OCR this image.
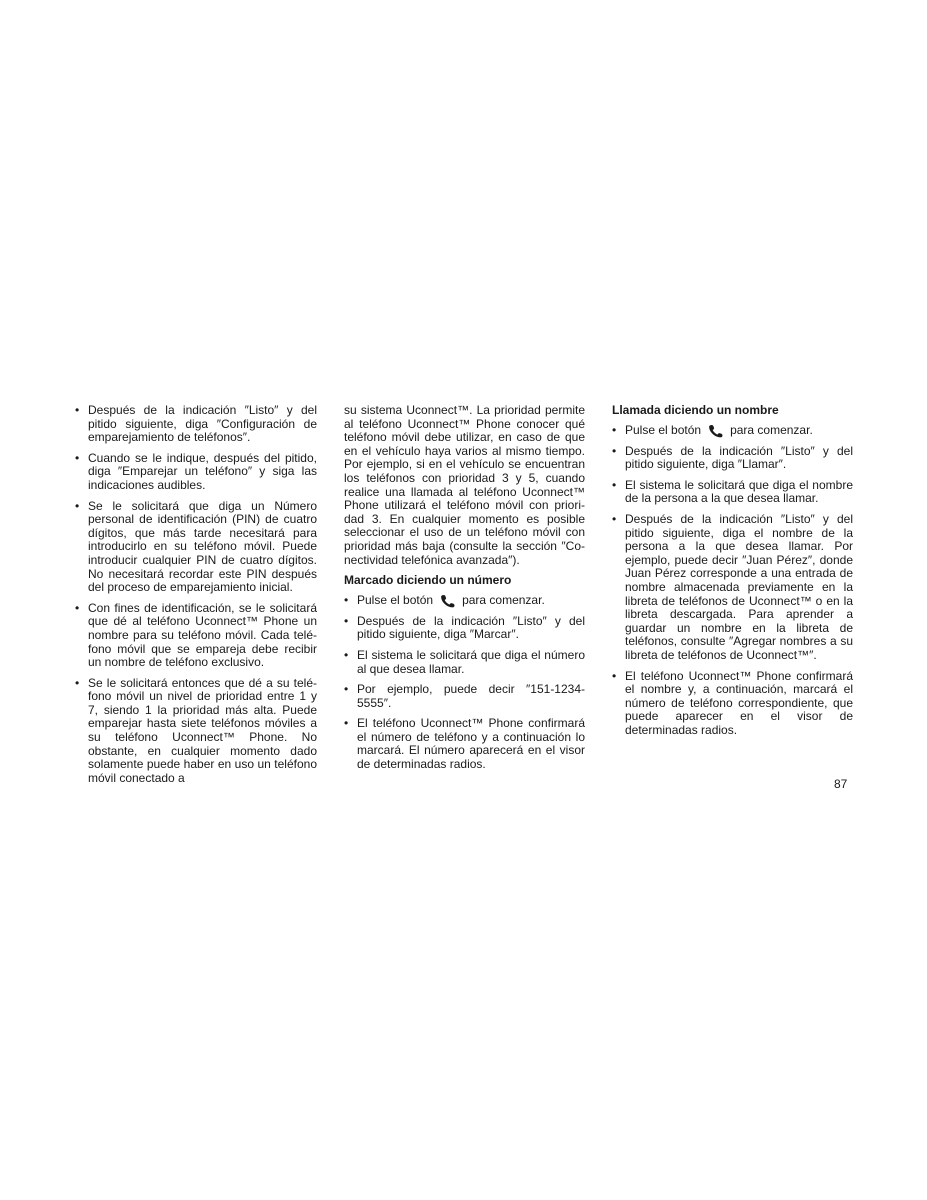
• Después de la indicación ″Listo″ y del pitido siguiente, diga ″Configuración de emparejamiento de teléfonos″.
• Cuando se le indique, después del pitido, diga ″Emparejar un teléfono″ y siga las indicaciones audibles.
• Se le solicitará que diga un Número personal de identificación (PIN) de cuatro dígitos, que más tarde necesitará para introducirlo en su teléfono móvil. Puede introducir cualquier PIN de cuatro dígitos. No necesitará recordar este PIN después del proceso de emparejamiento inicial.
• Con fines de identificación, se le solicitará que dé al teléfono Uconnect™ Phone un nombre para su teléfono móvil. Cada teléfono móvil que se empareja debe recibir un nombre de teléfono exclusivo.
• Se le solicitará entonces que dé a su teléfono móvil un nivel de prioridad entre 1 y 7, siendo 1 la prioridad más alta. Puede emparejar hasta siete teléfonos móviles a su teléfono Uconnect™ Phone. No obstante, en cualquier momento dado solamente puede haber en uso un teléfono móvil conectado a
su sistema Uconnect™. La prioridad permite al teléfono Uconnect™ Phone conocer qué teléfono móvil debe utilizar, en caso de que en el vehículo haya varios al mismo tiempo. Por ejemplo, si en el vehículo se encuentran los teléfonos con prioridad 3 y 5, cuando realice una llamada al teléfono Uconnect™ Phone utilizará el teléfono móvil con prioridad 3. En cualquier momento es posible seleccionar el uso de un teléfono móvil con prioridad más baja (consulte la sección ″Conectividad telefónica avanzada″).
Marcado diciendo un número
• Pulse el botón para comenzar.
• Después de la indicación ″Listo″ y del pitido siguiente, diga ″Marcar″.
• El sistema le solicitará que diga el número al que desea llamar.
• Por ejemplo, puede decir ″151-1234-5555″.
• El teléfono Uconnect™ Phone confirmará el número de teléfono y a continuación lo marcará. El número aparecerá en el visor de determinadas radios.
Llamada diciendo un nombre
• Pulse el botón para comenzar.
• Después de la indicación ″Listo″ y del pitido siguiente, diga ″Llamar″.
• El sistema le solicitará que diga el nombre de la persona a la que desea llamar.
• Después de la indicación ″Listo″ y del pitido siguiente, diga el nombre de la persona a la que desea llamar. Por ejemplo, puede decir ″Juan Pérez″, donde Juan Pérez corresponde a una entrada de nombre almacenada previamente en la libreta de teléfonos de Uconnect™ o en la libreta descargada. Para aprender a guardar un nombre en la libreta de teléfonos, consulte ″Agregar nombres a su libreta de teléfonos de Uconnect™″.
• El teléfono Uconnect™ Phone confirmará el nombre y, a continuación, marcará el número de teléfono correspondiente, que puede aparecer en el visor de determinadas radios.
87
